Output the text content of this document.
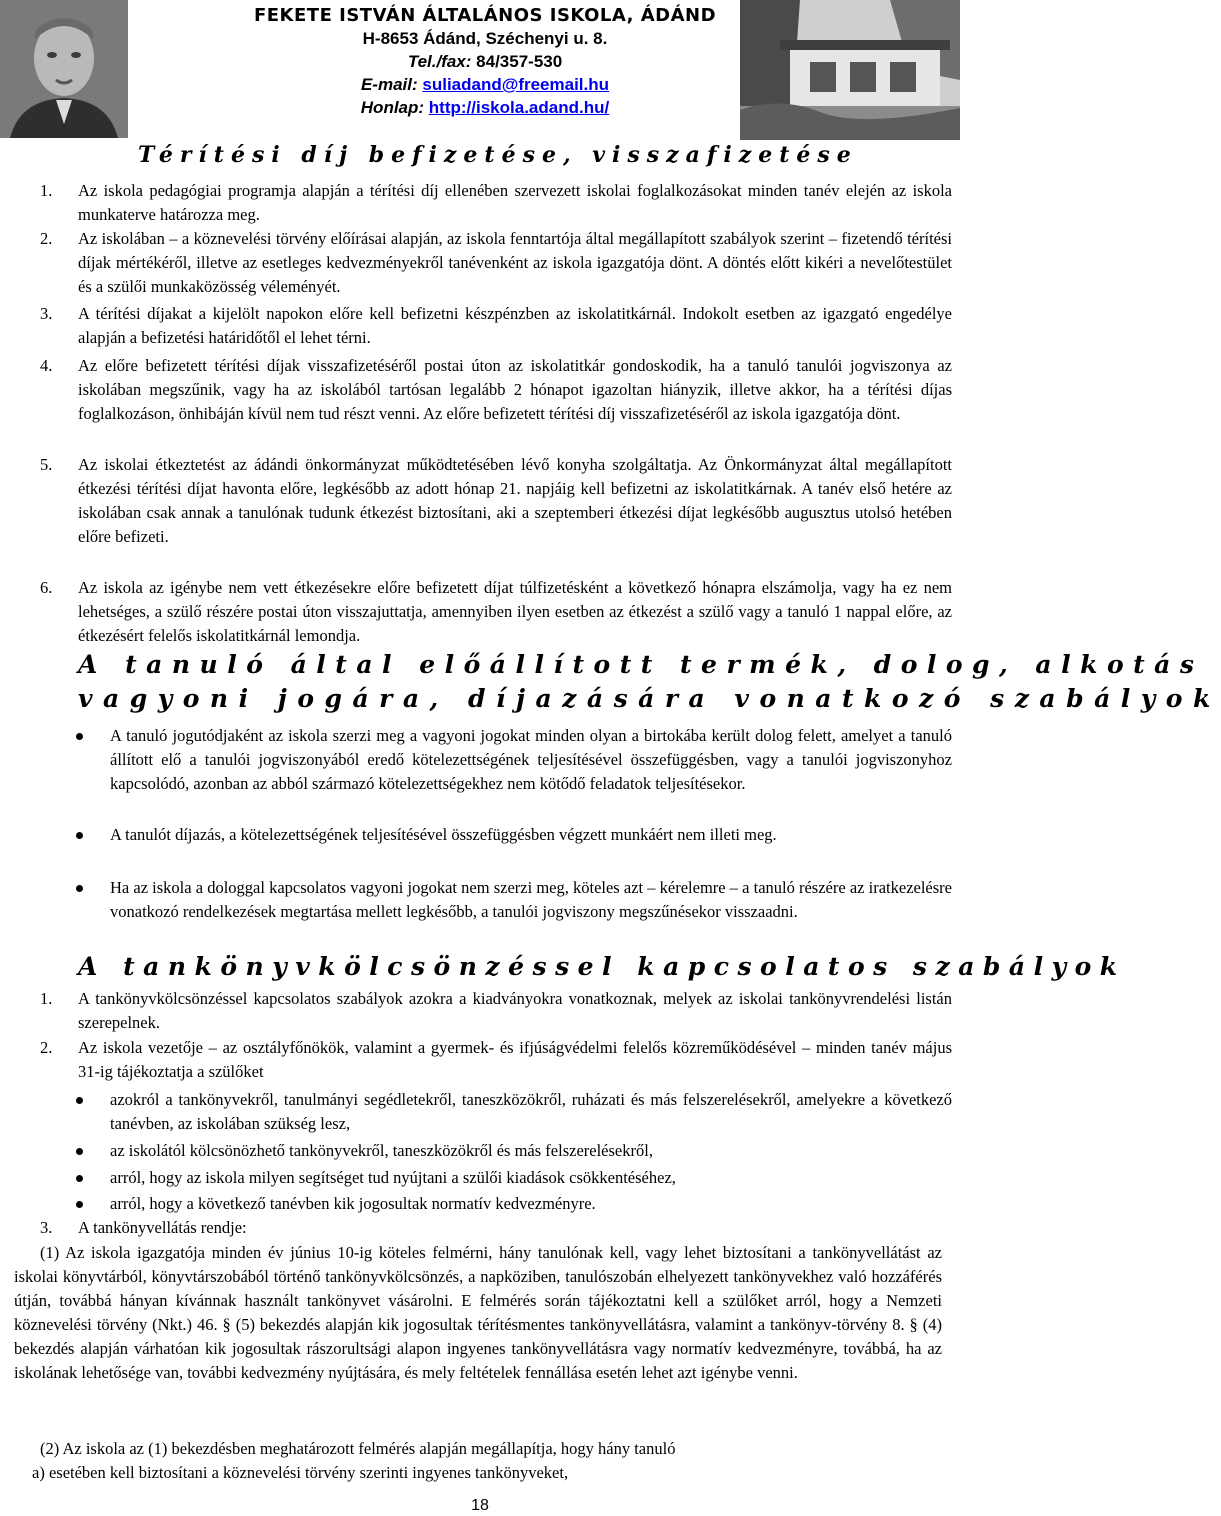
FEKETE ISTVÁN ÁLTALÁNOS ISKOLA, ÁDÁND
H-8653 Ádánd, Széchenyi u. 8.
Tel./fax: 84/357-530
E-mail: suliadand@freemail.hu
Honlap: http://iskola.adand.hu/
Térítési díj befizetése, visszafizetése
1. Az iskola pedagógiai programja alapján a térítési díj ellenében szervezett iskolai foglalkozásokat minden tanév elején az iskola munkaterve határozza meg.
2. Az iskolában – a köznevelési törvény előírásai alapján, az iskola fenntartója által megállapított szabályok szerint – fizetendő térítési díjak mértékéről, illetve az esetleges kedvezményekről tanévenként az iskola igazgatója dönt. A döntés előtt kikéri a nevelőtestület és a szülői munkaközösség véleményét.
3. A térítési díjakat a kijelölt napokon előre kell befizetni készpénzben az iskolatitkárnál. Indokolt esetben az igazgató engedélye alapján a befizetési határidőtől el lehet térni.
4. Az előre befizetett térítési díjak visszafizetéséről postai úton az iskolatitkár gondoskodik, ha a tanuló tanulói jogviszonya az iskolában megszűnik, vagy ha az iskolából tartósan legalább 2 hónapot igazoltan hiányzik, illetve akkor, ha a térítési díjas foglalkozáson, önhibáján kívül nem tud részt venni. Az előre befizetett térítési díj visszafizetéséről az iskola igazgatója dönt.
5. Az iskolai étkeztetést az ádándi önkormányzat működtetésében lévő konyha szolgáltatja. Az Önkormányzat által megállapított étkezési térítési díjat havonta előre, legkésőbb az adott hónap 21. napjáig kell befizetni az iskolatitkárnak. A tanév első hetére az iskolában csak annak a tanulónak tudunk étkezést biztosítani, aki a szeptemberi étkezési díjat legkésőbb augusztus utolsó hetében előre befizeti.
6. Az iskola az igénybe nem vett étkezésekre előre befizetett díjat túlfizetésként a következő hónapra elszámolja, vagy ha ez nem lehetséges, a szülő részére postai úton visszajuttatja, amennyiben ilyen esetben az étkezést a szülő vagy a tanuló 1 nappal előre, az étkezésért felelős iskolatitkárnál lemondja.
A tanuló által előállított termék, dolog, alkotás
vagyoni jogára, díjazására vonatkozó szabályok
A tanuló jogutódjaként az iskola szerzi meg a vagyoni jogokat minden olyan a birtokába került dolog felett, amelyet a tanuló állított elő a tanulói jogviszonyából eredő kötelezettségének teljesítésével összefüggésben, vagy a tanulói jogviszonyhoz kapcsolódó, azonban az abból származó kötelezettségekhez nem kötődő feladatok teljesítésekor.
A tanulót díjazás, a kötelezettségének teljesítésével összefüggésben végzett munkáért nem illeti meg.
Ha az iskola a dologgal kapcsolatos vagyoni jogokat nem szerzi meg, köteles azt – kérelemre – a tanuló részére az iratkezelésre vonatkozó rendelkezések megtartása mellett legkésőbb, a tanulói jogviszony megszűnésekor visszaadni.
A tankönyvkölcsönzéssel kapcsolatos szabályok
1. A tankönyvkölcsönzéssel kapcsolatos szabályok azokra a kiadványokra vonatkoznak, melyek az iskolai tankönyvrendelési listán szerepelnek.
2. Az iskola vezetője – az osztályfőnökök, valamint a gyermek- és ifjúságvédelmi felelős közreműködésével – minden tanév május 31-ig tájékoztatja a szülőket
azokról a tankönyvekről, tanulmányi segédletekről, taneszközökről, ruházati és más felszerelésekről, amelyekre a következő tanévben, az iskolában szükség lesz,
az iskolától kölcsönözhető tankönyvekről, taneszközökről és más felszerelésekről,
arról, hogy az iskola milyen segítséget tud nyújtani a szülői kiadások csökkentéséhez,
arról, hogy a következő tanévben kik jogosultak normatív kedvezményre.
3. A tankönyvellátás rendje:

(1) Az iskola igazgatója minden év június 10-ig köteles felmérni, hány tanulónak kell, vagy lehet biztosítani a tankönyvellátást az iskolai könyvtárból, könyvtárszobából történő tankönyvkölcsönzés, a napköziben, tanulószobán elhelyezett tankönyvekhez való hozzáférés útján, továbbá hányan kívánnak használt tankönyvet vásárolni. E felmérés során tájékoztatni kell a szülőket arról, hogy a Nemzeti köznevelési törvény (Nkt.) 46. § (5) bekezdés alapján kik jogosultak térítésmentes tankönyvellátásra, valamint a tankönyv-törvény 8. § (4) bekezdés alapján várhatóan kik jogosultak rászorultsági alapon ingyenes tankönyvellátásra vagy normatív kedvezményre, továbbá, ha az iskolának lehetősége van, további kedvezmény nyújtására, és mely feltételek fennállása esetén lehet azt igénybe venni.

(2) Az iskola az (1) bekezdésben meghatározott felmérés alapján megállapítja, hogy hány tanuló

a) esetében kell biztosítani a köznevelési törvény szerinti ingyenes tankönyveket,

18
